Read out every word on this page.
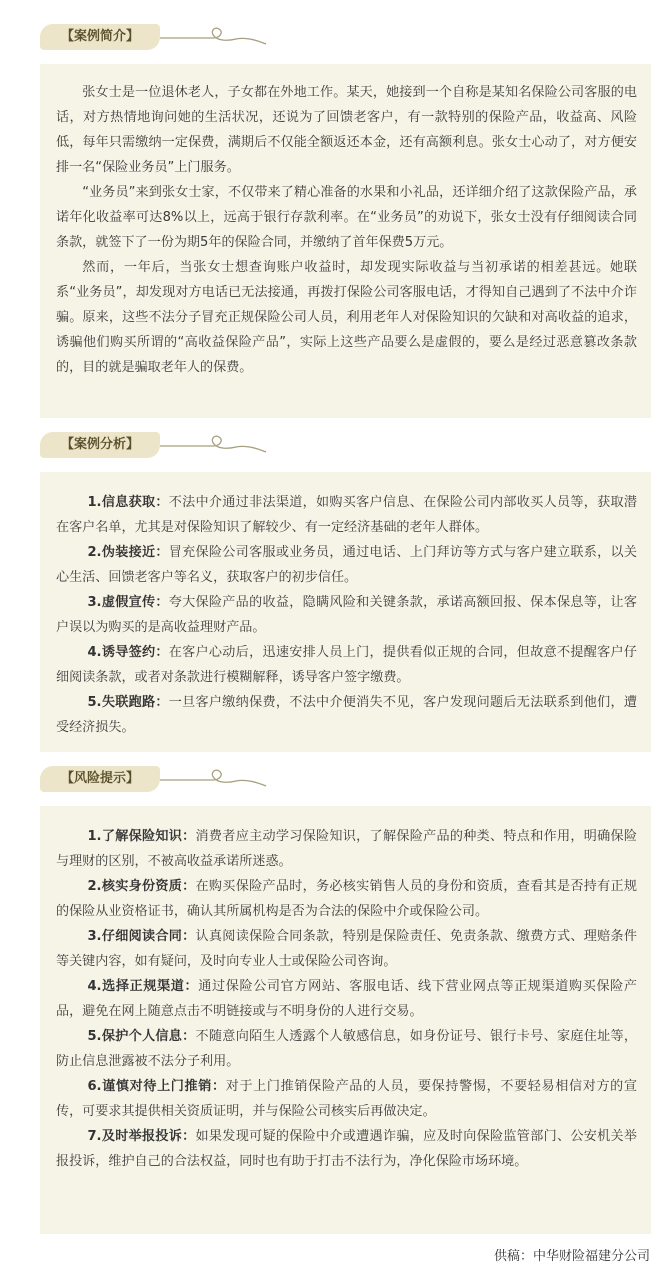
【案例简介】

张女士是一位退休老人，子女都在外地工作。某天，她接到一个自称是某知名保险公司客服的电话，对方热情地询问她的生活状况，还说为了回馈老客户，有一款特别的保险产品，收益高、风险低，每年只需缴纳一定保费，满期后不仅能全额返还本金，还有高额利息。张女士心动了，对方便安排一名“保险业务员”上门服务。

“业务员”来到张女士家，不仅带来了精心准备的水果和小礼品，还详细介绍了这款保险产品，承诺年化收益率可达8%以上，远高于银行存款利率。在“业务员”的劝说下，张女士没有仔细阅读合同条款，就签下了一份为期5年的保险合同，并缴纳了首年保费5万元。

然而，一年后，当张女士想查询账户收益时，却发现实际收益与当初承诺的相差甚远。她联系“业务员”，却发现对方电话已无法接通，再拨打保险公司客服电话，才得知自己遇到了不法中介诈骗。原来，这些不法分子冒充正规保险公司人员，利用老年人对保险知识的欠缺和对高收益的追求，诱骗他们购买所谓的“高收益保险产品”，实际上这些产品要么是虚假的，要么是经过恶意篡改条款的，目的就是骗取老年人的保费。

【案例分析】

1.信息获取：不法中介通过非法渠道，如购买客户信息、在保险公司内部收买人员等，获取潜在客户名单，尤其是对保险知识了解较少、有一定经济基础的老年人群体。

2.伪装接近：冒充保险公司客服或业务员，通过电话、上门拜访等方式与客户建立联系，以关心生活、回馈老客户等名义，获取客户的初步信任。

3.虚假宣传：夸大保险产品的收益，隐瞒风险和关键条款，承诺高额回报、保本保息等，让客户误以为购买的是高收益理财产品。

4.诱导签约：在客户心动后，迅速安排人员上门，提供看似正规的合同，但故意不提醒客户仔细阅读条款，或者对条款进行模糊解释，诱导客户签字缴费。

5.失联跑路：一旦客户缴纳保费，不法中介便消失不见，客户发现问题后无法联系到他们，遭受经济损失。

【风险提示】

1.了解保险知识：消费者应主动学习保险知识，了解保险产品的种类、特点和作用，明确保险与理财的区别，不被高收益承诺所迷惑。

2.核实身份资质：在购买保险产品时，务必核实销售人员的身份和资质，查看其是否持有正规的保险从业资格证书，确认其所属机构是否为合法的保险中介或保险公司。

3.仔细阅读合同：认真阅读保险合同条款，特别是保险责任、免责条款、缴费方式、理赔条件等关键内容，如有疑问，及时向专业人士或保险公司咨询。

4.选择正规渠道：通过保险公司官方网站、客服电话、线下营业网点等正规渠道购买保险产品，避免在网上随意点击不明链接或与不明身份的人进行交易。

5.保护个人信息：不随意向陌生人透露个人敏感信息，如身份证号、银行卡号、家庭住址等，防止信息泄露被不法分子利用。

6.谨慎对待上门推销：对于上门推销保险产品的人员，要保持警惕，不要轻易相信对方的宣传，可要求其提供相关资质证明，并与保险公司核实后再做决定。

7.及时举报投诉：如果发现可疑的保险中介或遭遇诈骗，应及时向保险监管部门、公安机关举报投诉，维护自己的合法权益，同时也有助于打击不法行为，净化保险市场环境。

供稿：中华财险福建分公司
